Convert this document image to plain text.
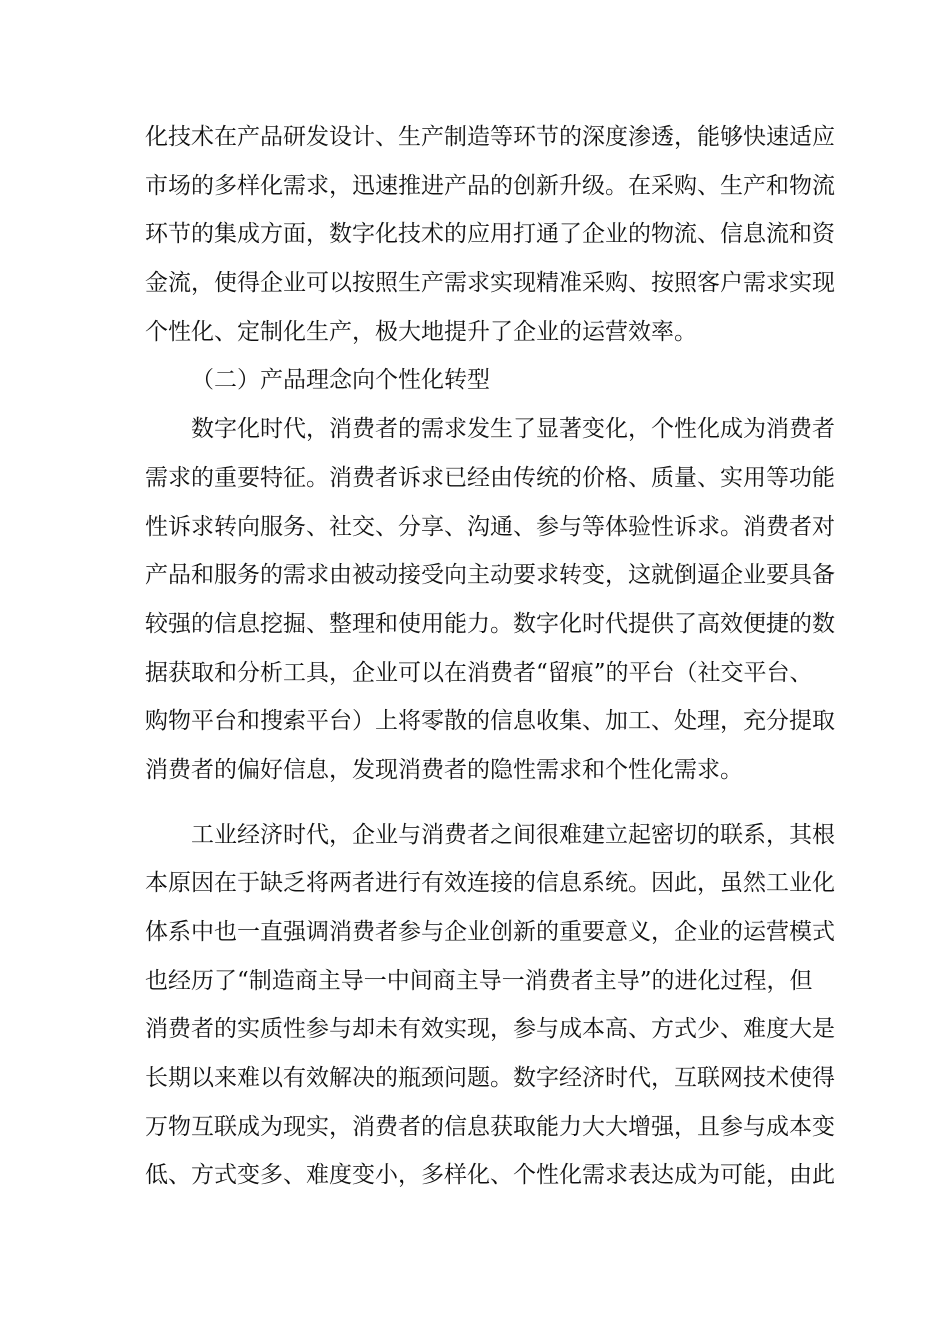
化技术在产品研发设计、生产制造等环节的深度渗透，能够快速适应
市场的多样化需求，迅速推进产品的创新升级。在采购、生产和物流
环节的集成方面，数字化技术的应用打通了企业的物流、信息流和资
金流，使得企业可以按照生产需求实现精准采购、按照客户需求实现
个性化、定制化生产，极大地提升了企业的运营效率。
（二）产品理念向个性化转型
数字化时代，消费者的需求发生了显著变化，个性化成为消费者
需求的重要特征。消费者诉求已经由传统的价格、质量、实用等功能
性诉求转向服务、社交、分享、沟通、参与等体验性诉求。消费者对
产品和服务的需求由被动接受向主动要求转变，这就倒逼企业要具备
较强的信息挖掘、整理和使用能力。数字化时代提供了高效便捷的数
据获取和分析工具，企业可以在消费者“留痕”的平台（社交平台、
购物平台和搜索平台）上将零散的信息收集、加工、处理，充分提取
消费者的偏好信息，发现消费者的隐性需求和个性化需求。
工业经济时代，企业与消费者之间很难建立起密切的联系，其根
本原因在于缺乏将两者进行有效连接的信息系统。因此，虽然工业化
体系中也一直强调消费者参与企业创新的重要意义，企业的运营模式
也经历了“制造商主导一中间商主导一消费者主导”的进化过程，但
消费者的实质性参与却未有效实现，参与成本高、方式少、难度大是
长期以来难以有效解决的瓶颈问题。数字经济时代，互联网技术使得
万物互联成为现实，消费者的信息获取能力大大增强，且参与成本变
低、方式变多、难度变小，多样化、个性化需求表达成为可能，由此
